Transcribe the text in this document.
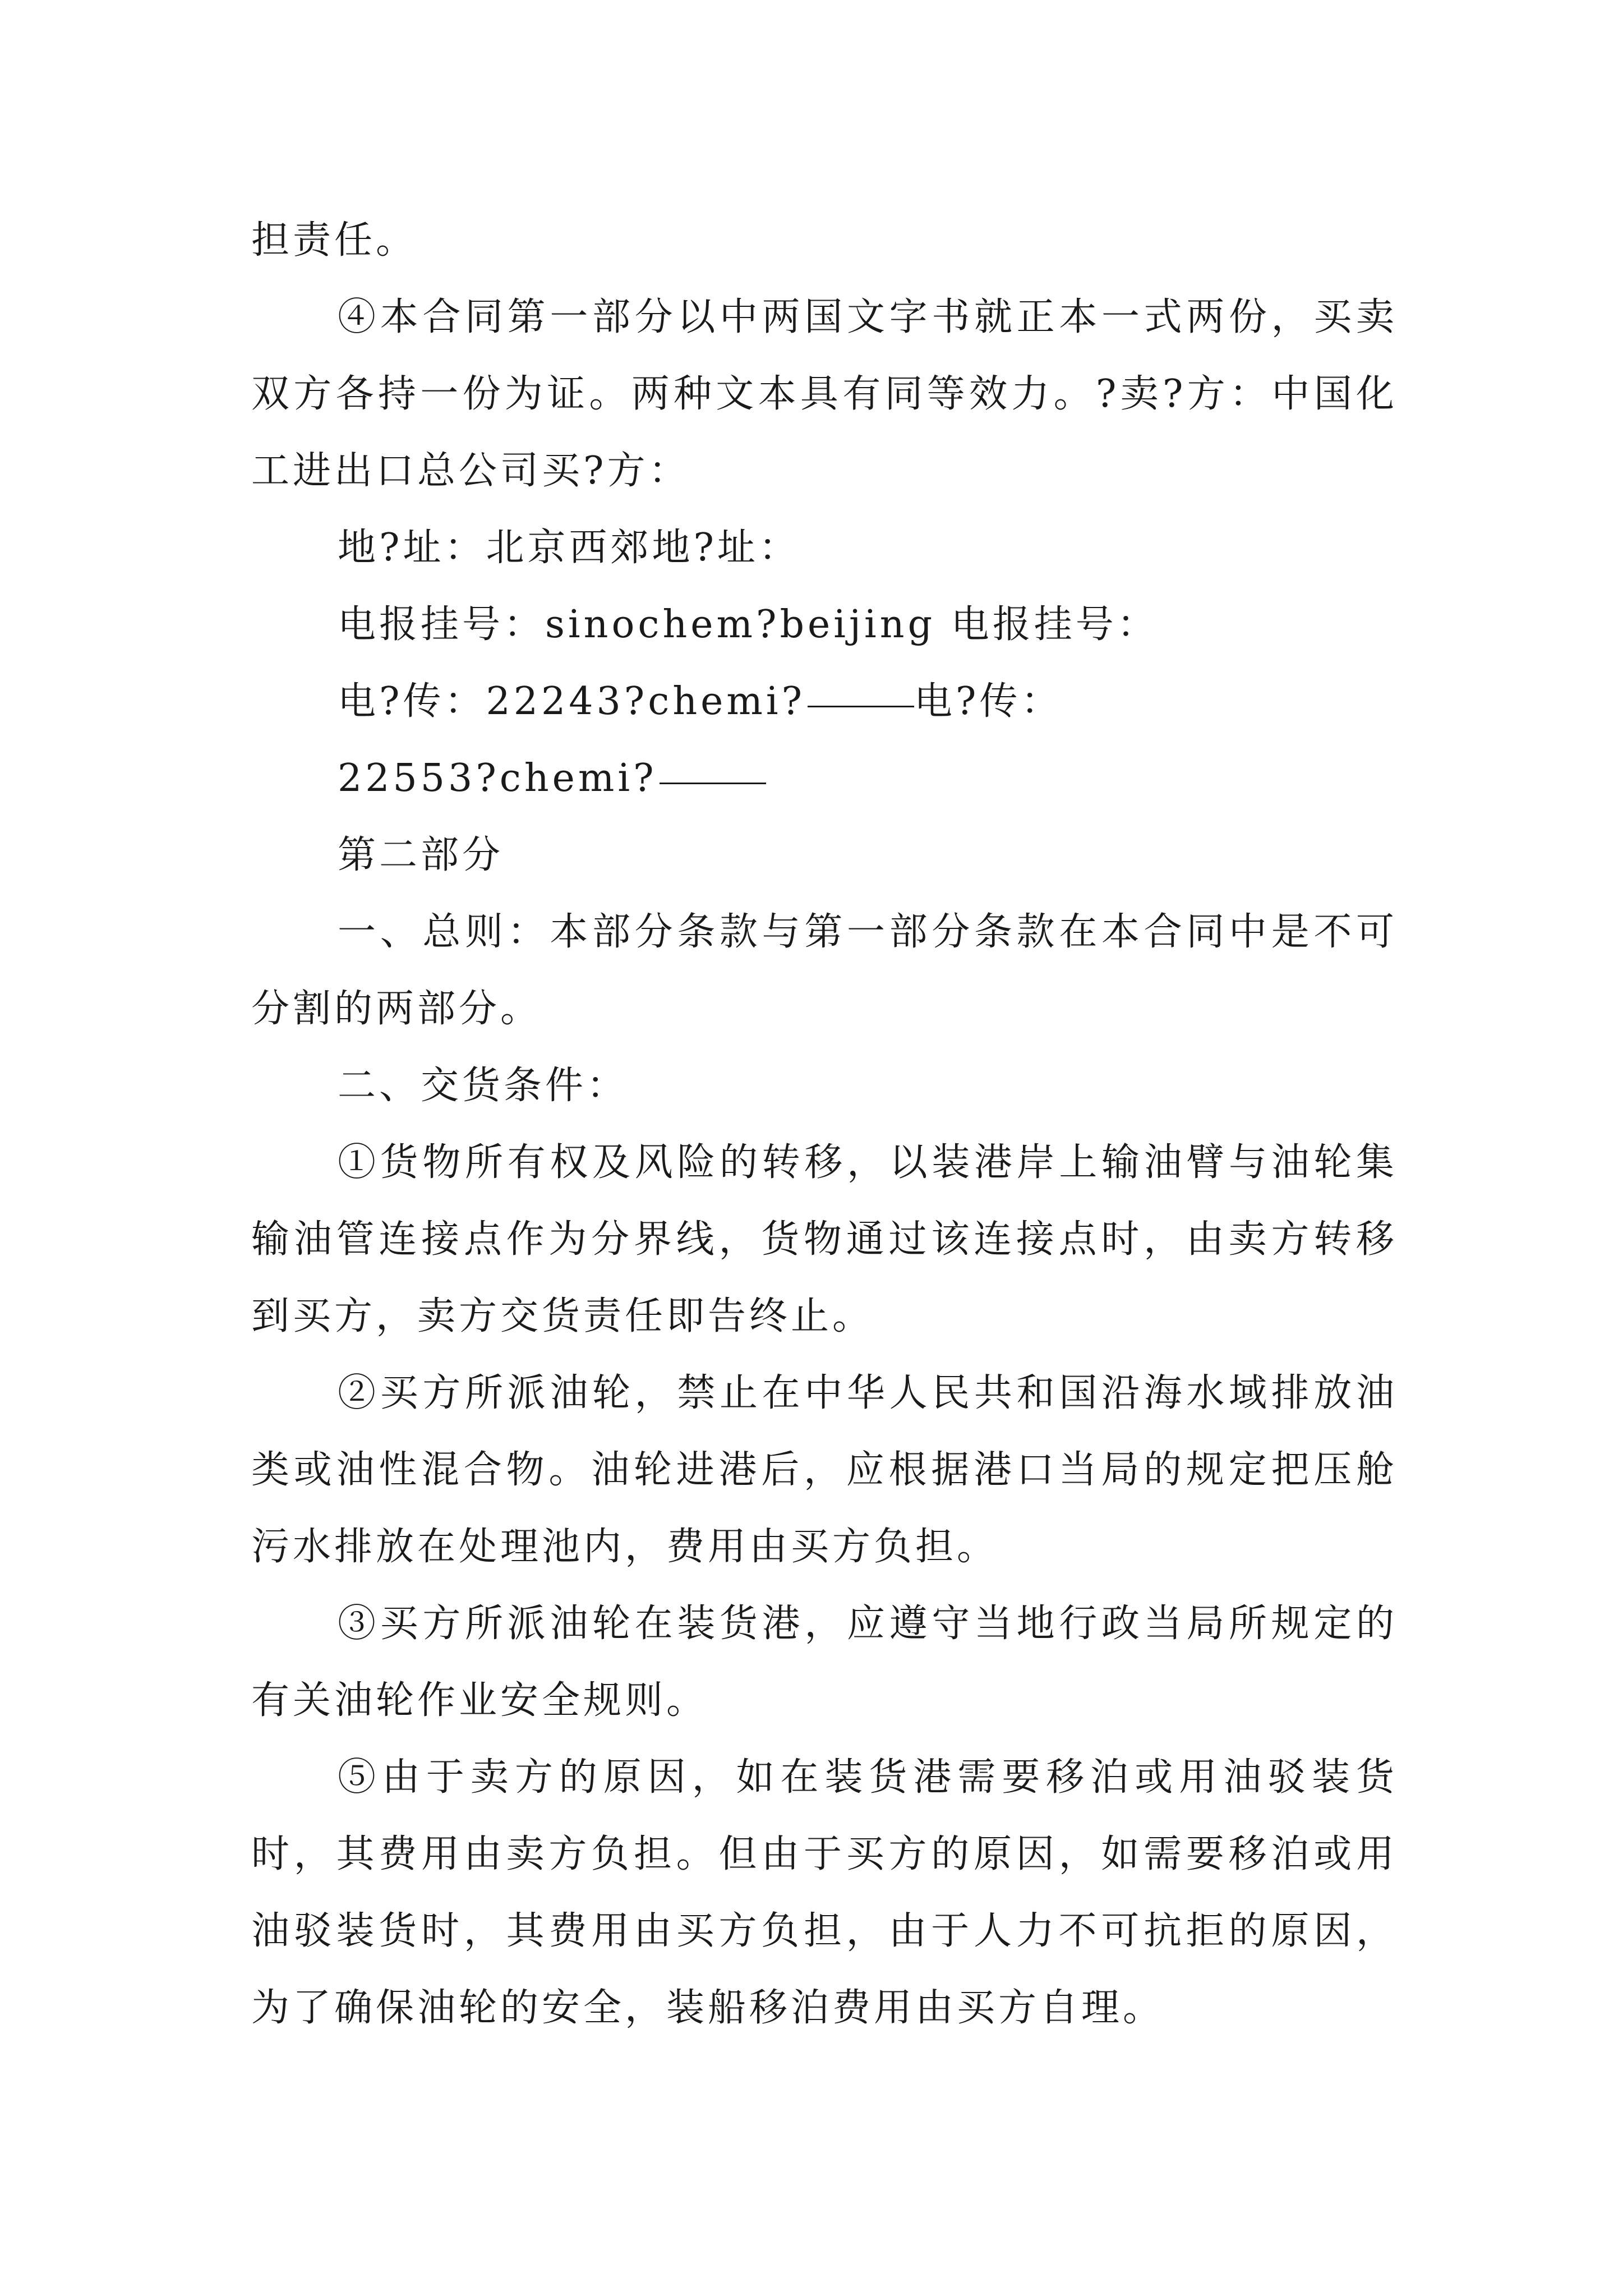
担责任。

④本合同第一部分以中两国文字书就正本一式两份，买卖双方各持一份为证。两种文本具有同等效力。?卖?方：中国化工进出口总公司买?方：

地?址：北京西郊地?址：

电报挂号：sinochem?beijing 电报挂号：

电?传：22243?chemi?	电?传：

22553?chemi?

第二部分

一、总则：本部分条款与第一部分条款在本合同中是不可分割的两部分。

二、交货条件：

①货物所有权及风险的转移，以装港岸上输油臂与油轮集输油管连接点作为分界线，货物通过该连接点时，由卖方转移到买方，卖方交货责任即告终止。

②买方所派油轮，禁止在中华人民共和国沿海水域排放油类或油性混合物。油轮进港后，应根据港口当局的规定把压舱污水排放在处理池内，费用由买方负担。

③买方所派油轮在装货港，应遵守当地行政当局所规定的有关油轮作业安全规则。

⑤由于卖方的原因，如在装货港需要移泊或用油驳装货时，其费用由卖方负担。但由于买方的原因，如需要移泊或用油驳装货时，其费用由买方负担，由于人力不可抗拒的原因，为了确保油轮的安全，装船移泊费用由买方自理。
